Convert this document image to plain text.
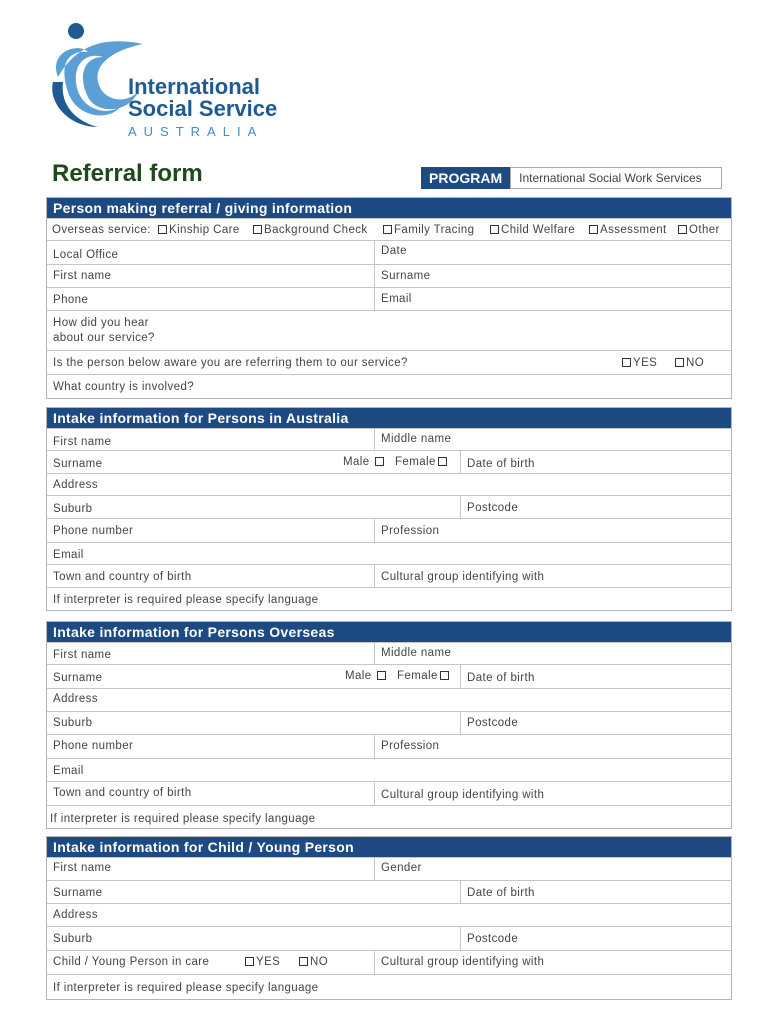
International
Social Service
AUSTRALIA
Referral form	PROGRAM	International Social Work Services
Person making referral / giving information
Overseas service:	Kinship Care	Background Check	Family Tracing	Child Welfare	Assessment	Other
Local Office	Date
First name	Surname
Phone	Email
How did you hear
about our service?
Is the person below aware you are referring them to our service?	YES	NO
What country is involved?
Intake information for Persons in Australia
First name	Middle name
Surname	Male	Female	Date of birth
Address
Suburb	Postcode
Phone number	Profession
Email
Town and country of birth	Cultural group identifying with
If interpreter is required please specify language
Intake information for Persons Overseas
First name	Middle name
Surname	Male	Female	Date of birth
Address
Suburb	Postcode
Phone number	Profession
Email
Town and country of birth	Cultural group identifying with
If interpreter is required please specify language
Intake information for Child / Young Person
First name	Gender
Surname	Date of birth
Address
Suburb	Postcode
Child / Young Person in care	YES	NO	Cultural group identifying with
If interpreter is required please specify language
